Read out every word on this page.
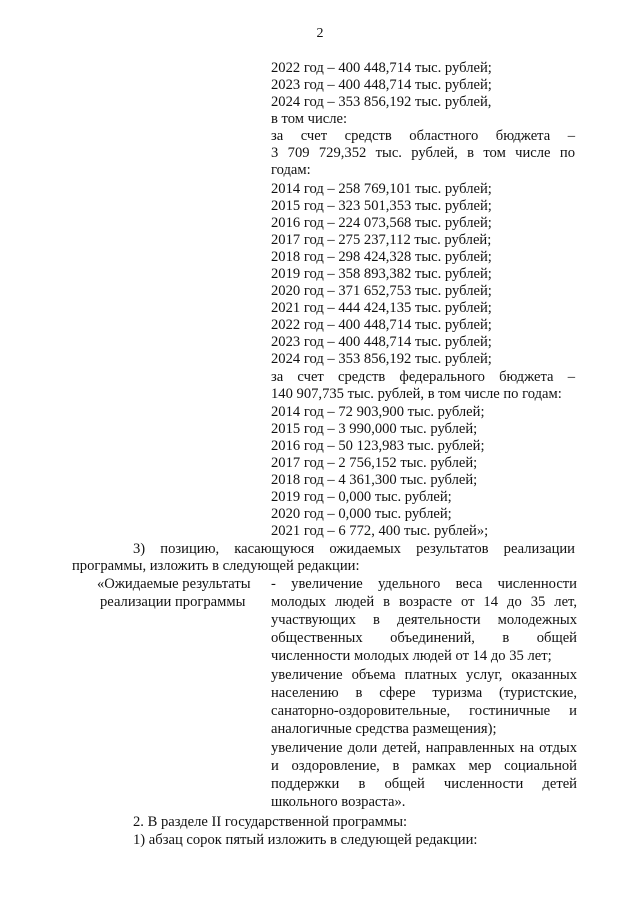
2
2022 год – 400 448,714 тыс. рублей;
2023 год – 400 448,714 тыс. рублей;
2024 год – 353 856,192 тыс. рублей,
в том числе:
за счет средств областного бюджета –
3 709 729,352 тыс. рублей, в том числе по
годам:
2014 год – 258 769,101 тыс. рублей;
2015 год – 323 501,353 тыс. рублей;
2016 год – 224 073,568 тыс. рублей;
2017 год – 275 237,112 тыс. рублей;
2018 год – 298 424,328 тыс. рублей;
2019 год – 358 893,382 тыс. рублей;
2020 год – 371 652,753 тыс. рублей;
2021 год – 444 424,135 тыс. рублей;
2022 год – 400 448,714 тыс. рублей;
2023 год – 400 448,714 тыс. рублей;
2024 год – 353 856,192 тыс. рублей;
за счет средств федерального бюджета –
140 907,735 тыс. рублей, в том числе по годам:
2014 год – 72 903,900 тыс. рублей;
2015 год – 3 990,000 тыс. рублей;
2016 год – 50 123,983 тыс. рублей;
2017 год – 2 756,152 тыс. рублей;
2018 год – 4 361,300 тыс. рублей;
2019 год – 0,000 тыс. рублей;
2020 год – 0,000 тыс. рублей;
2021 год – 6 772, 400 тыс. рублей»;
3) позицию, касающуюся ожидаемых результатов реализации
программы, изложить в следующей редакции:
«Ожидаемые результаты
реализации программы
- увеличение удельного веса численности
молодых людей в возрасте от 14 до 35 лет,
участвующих в деятельности молодежных
общественных объединений, в общей
численности молодых людей от 14 до 35 лет;
увеличение объема платных услуг, оказанных
населению в сфере туризма (туристские,
санаторно-оздоровительные, гостиничные и
аналогичные средства размещения);
увеличение доли детей, направленных на отдых
и оздоровление, в рамках мер социальной
поддержки в общей численности детей
школьного возраста».
2. В разделе II государственной программы:
1) абзац сорок пятый изложить в следующей редакции:
